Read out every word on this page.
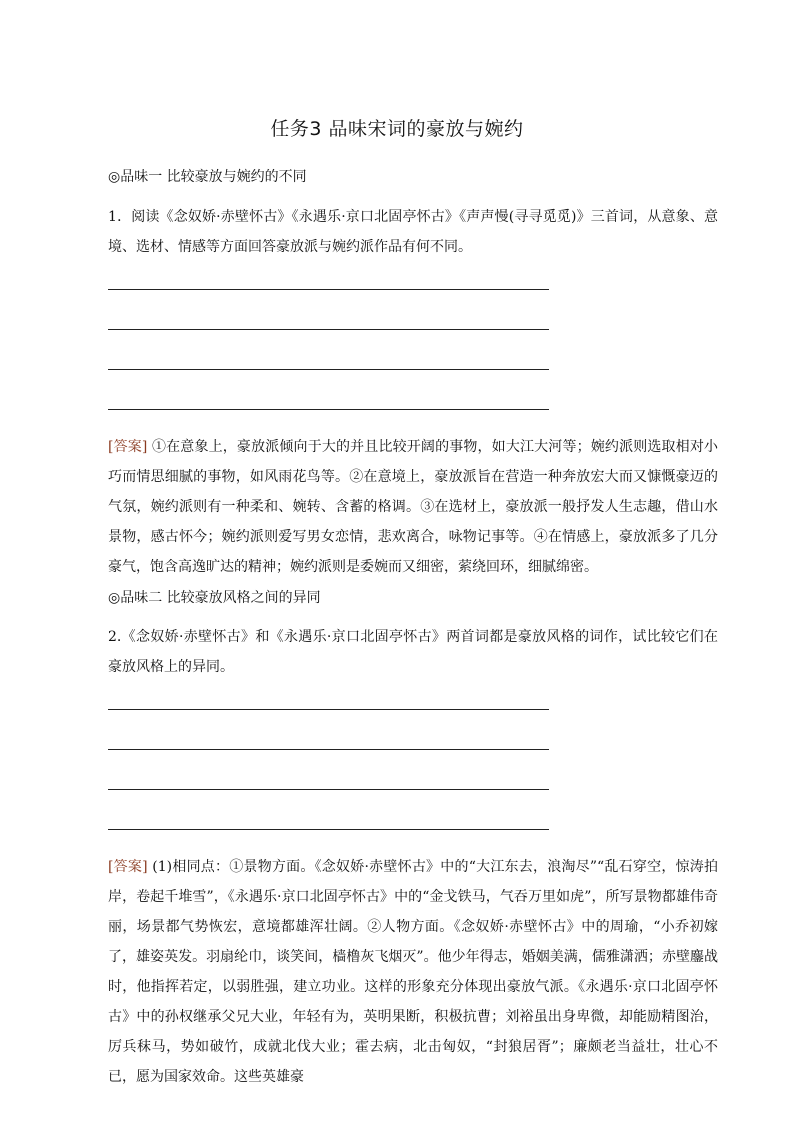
任务3 品味宋词的豪放与婉约
◎品味一 比较豪放与婉约的不同
1．阅读《念奴娇·赤壁怀古》《永遇乐·京口北固亭怀古》《声声慢(寻寻觅觅)》三首词，从意象、意境、选材、情感等方面回答豪放派与婉约派作品有何不同。
[答案] ①在意象上，豪放派倾向于大的并且比较开阔的事物，如大江大河等；婉约派则选取相对小巧而情思细腻的事物，如风雨花鸟等。②在意境上，豪放派旨在营造一种奔放宏大而又慷慨豪迈的气氛，婉约派则有一种柔和、婉转、含蓄的格调。③在选材上，豪放派一般抒发人生志趣，借山水景物，感古怀今；婉约派则爱写男女恋情，悲欢离合，咏物记事等。④在情感上，豪放派多了几分豪气，饱含高逸旷达的精神；婉约派则是委婉而又细密，萦绕回环，细腻绵密。
◎品味二 比较豪放风格之间的异同
2.《念奴娇·赤壁怀古》和《永遇乐·京口北固亭怀古》两首词都是豪放风格的词作，试比较它们在豪放风格上的异同。
[答案] (1)相同点：①景物方面。《念奴娇·赤壁怀古》中的“大江东去，浪淘尽”“乱石穿空，惊涛拍岸，卷起千堆雪”，《永遇乐·京口北固亭怀古》中的“金戈铁马，气吞万里如虎”，所写景物都雄伟奇丽，场景都气势恢宏，意境都雄浑壮阔。②人物方面。《念奴娇·赤壁怀古》中的周瑜，“小乔初嫁了，雄姿英发。羽扇纶巾，谈笑间，樯橹灰飞烟灭”。他少年得志，婚姻美满，儒雅潇洒；赤壁鏖战时，他指挥若定，以弱胜强，建立功业。这样的形象充分体现出豪放气派。《永遇乐·京口北固亭怀古》中的孙权继承父兄大业，年轻有为，英明果断，积极抗曹；刘裕虽出身卑微，却能励精图治，厉兵秣马，势如破竹，成就北伐大业；霍去病，北击匈奴，“封狼居胥”；廉颇老当益壮，壮心不已，愿为国家效命。这些英雄豪
